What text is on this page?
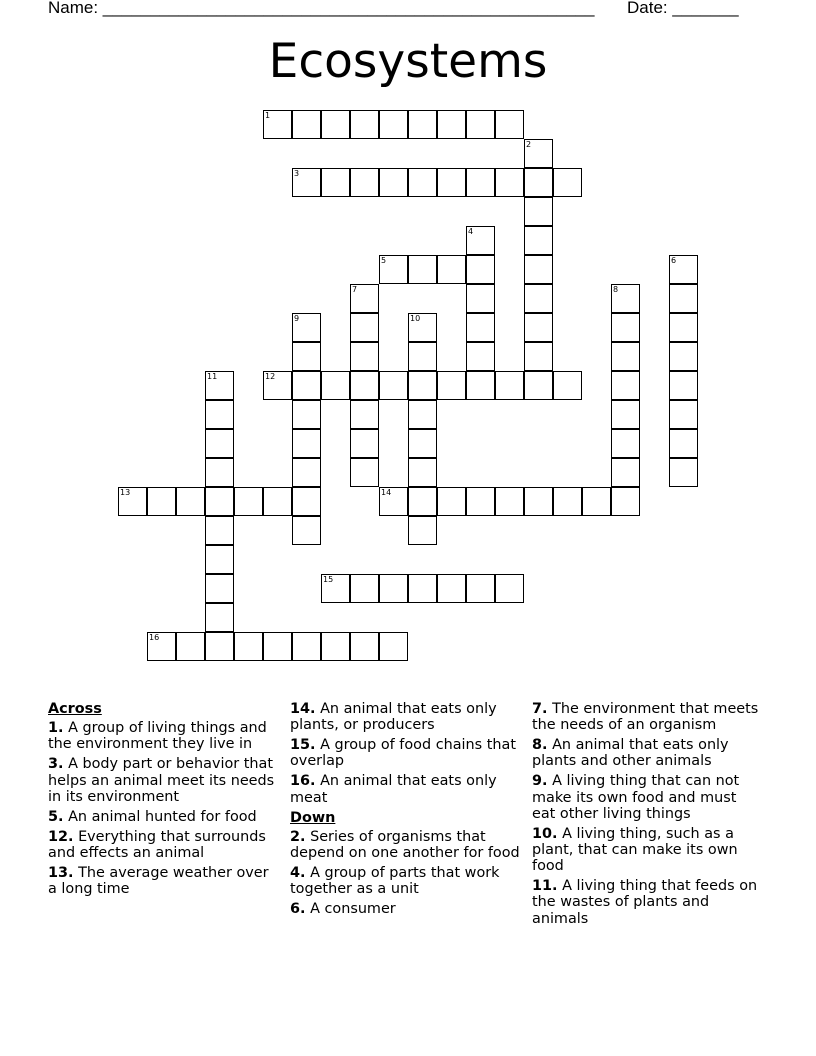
Name: ____________________________________________________ Date: _______
Ecosystems
1
2
3
4
5	6
7	8
9	10
11	12
13	14
15
16
Across
1. A group of living things and the environment they live in
3. A body part or behavior that helps an animal meet its needs in its environment
5. An animal hunted for food
12. Everything that surrounds and effects an animal
13. The average weather over a long time
14. An animal that eats only plants, or producers
15. A group of food chains that overlap
16. An animal that eats only meat
Down
2. Series of organisms that depend on one another for food
4. A group of parts that work together as a unit
6. A consumer
7. The environment that meets the needs of an organism
8. An animal that eats only plants and other animals
9. A living thing that can not make its own food and must eat other living things
10. A living thing, such as a plant, that can make its own food
11. A living thing that feeds on the wastes of plants and animals
